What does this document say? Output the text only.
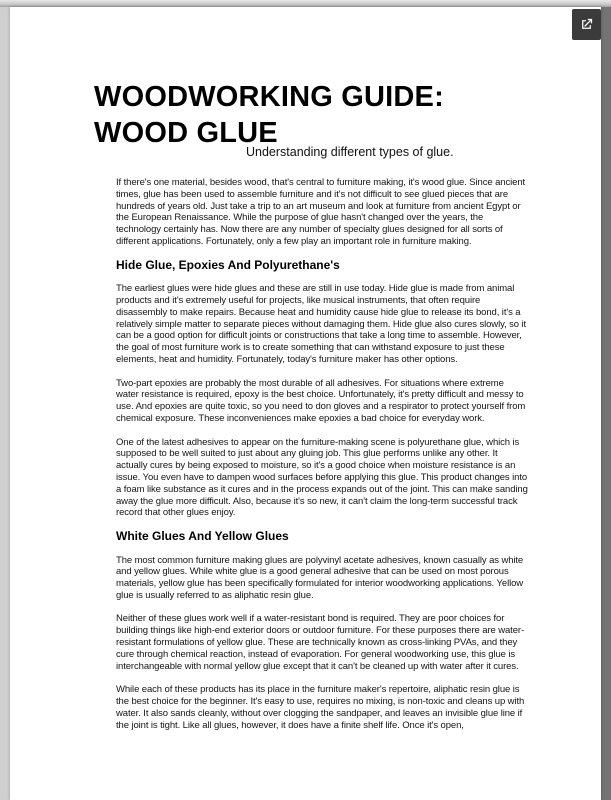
WOODWORKING GUIDE:
WOOD GLUE
Understanding different types of glue.

If there's one material, besides wood, that's central to furniture making, it's wood glue. Since ancient times, glue has been used to assemble furniture and it's not difficult to see glued pieces that are hundreds of years old. Just take a trip to an art museum and look at furniture from ancient Egypt or the European Renaissance. While the purpose of glue hasn't changed over the years, the technology certainly has. Now there are any number of specialty glues designed for all sorts of different applications. Fortunately, only a few play an important role in furniture making.

Hide Glue, Epoxies And Polyurethane's

The earliest glues were hide glues and these are still in use today. Hide glue is made from animal products and it's extremely useful for projects, like musical instruments, that often require disassembly to make repairs. Because heat and humidity cause hide glue to release its bond, it's a relatively simple matter to separate pieces without damaging them. Hide glue also cures slowly, so it can be a good option for difficult joints or constructions that take a long time to assemble. However, the goal of most furniture work is to create something that can withstand exposure to just these elements, heat and humidity. Fortunately, today's furniture maker has other options.

Two-part epoxies are probably the most durable of all adhesives. For situations where extreme water resistance is required, epoxy is the best choice. Unfortunately, it's pretty difficult and messy to use. And epoxies are quite toxic, so you need to don gloves and a respirator to protect yourself from chemical exposure. These inconveniences make epoxies a bad choice for everyday work.

One of the latest adhesives to appear on the furniture-making scene is polyurethane glue, which is supposed to be well suited to just about any gluing job. This glue performs unlike any other. It actually cures by being exposed to moisture, so it's a good choice when moisture resistance is an issue. You even have to dampen wood surfaces before applying this glue. This product changes into a foam like substance as it cures and in the process expands out of the joint. This can make sanding away the glue more difficult. Also, because it's so new, it can't claim the long-term successful track record that other glues enjoy.

White Glues And Yellow Glues

The most common furniture making glues are polyvinyl acetate adhesives, known casually as white and yellow glues. While white glue is a good general adhesive that can be used on most porous materials, yellow glue has been specifically formulated for interior woodworking applications. Yellow glue is usually referred to as aliphatic resin glue.

Neither of these glues work well if a water-resistant bond is required. They are poor choices for building things like high-end exterior doors or outdoor furniture. For these purposes there are water-resistant formulations of yellow glue. These are technically known as cross-linking PVAs, and they cure through chemical reaction, instead of evaporation. For general woodworking use, this glue is interchangeable with normal yellow glue except that it can't be cleaned up with water after it cures.

While each of these products has its place in the furniture maker's repertoire, aliphatic resin glue is the best choice for the beginner. It's easy to use, requires no mixing, is non-toxic and cleans up with water. It also sands cleanly, without over clogging the sandpaper, and leaves an invisible glue line if the joint is tight. Like all glues, however, it does have a finite shelf life. Once it's open,
